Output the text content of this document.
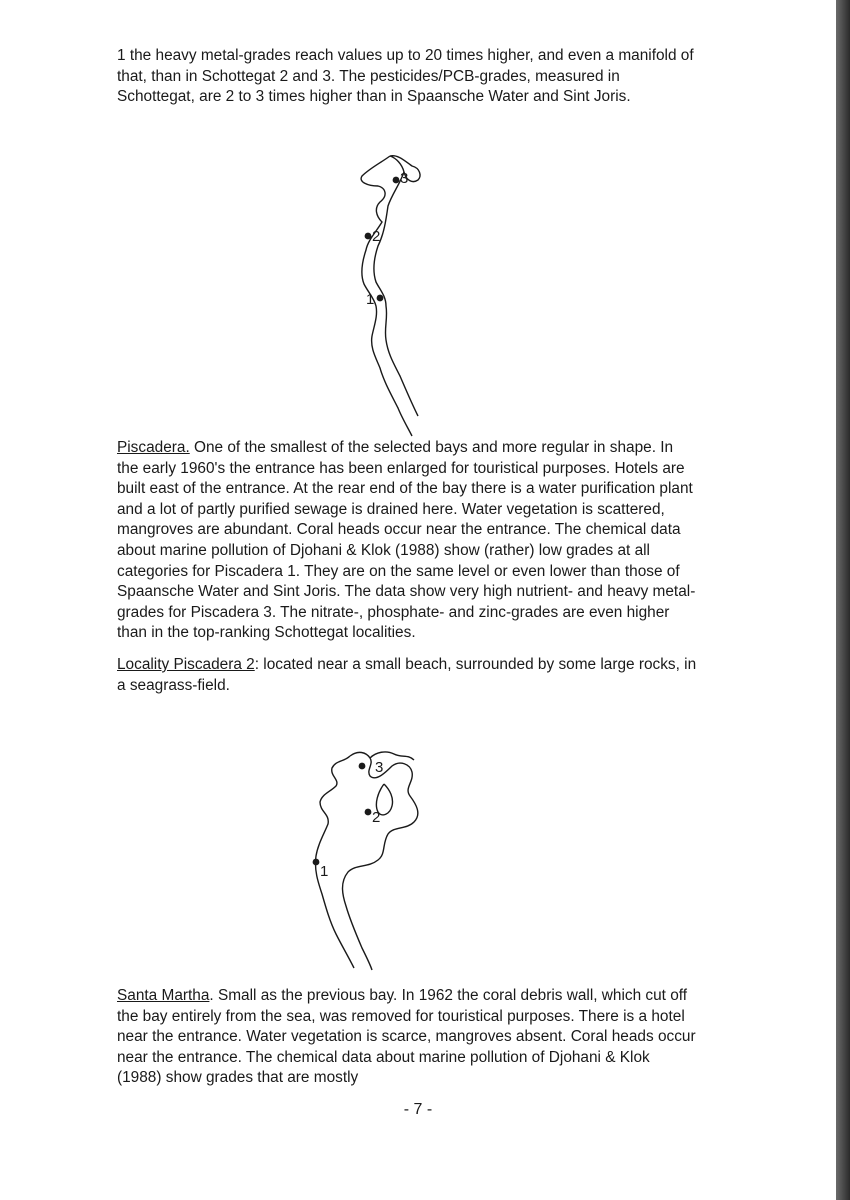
1 the heavy metal-grades reach values up to 20 times higher, and even a manifold of that, than in Schottegat 2 and 3. The pesticides/PCB-grades, measured in Schottegat, are 2 to 3 times higher than in Spaansche Water and Sint Joris.

3
2
1

Piscadera. One of the smallest of the selected bays and more regular in shape. In the early 1960's the entrance has been enlarged for touristical purposes. Hotels are built east of the entrance. At the rear end of the bay there is a water purification plant and a lot of partly purified sewage is drained here. Water vegetation is scattered, mangroves are abundant. Coral heads occur near the entrance. The chemical data about marine pollution of Djohani & Klok (1988) show (rather) low grades at all categories for Piscadera 1. They are on the same level or even lower than those of Spaansche Water and Sint Joris. The data show very high nutrient- and heavy metal-grades for Piscadera 3. The nitrate-, phosphate- and zinc-grades are even higher than in the top-ranking Schottegat localities.

Locality Piscadera 2: located near a small beach, surrounded by some large rocks, in a seagrass-field.

3
2
1

Santa Martha. Small as the previous bay. In 1962 the coral debris wall, which cut off the bay entirely from the sea, was removed for touristical purposes. There is a hotel near the entrance. Water vegetation is scarce, mangroves absent. Coral heads occur near the entrance. The chemical data about marine pollution of Djohani & Klok (1988) show grades that are mostly

- 7 -
